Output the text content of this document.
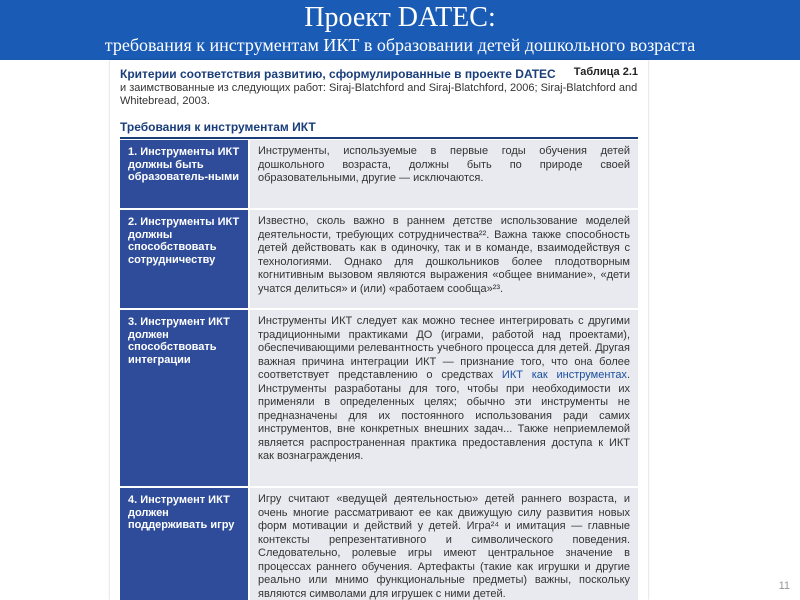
Проект DATEC:
требования к инструментам ИКТ в образовании детей дошкольного возраста
Таблица 2.1
Критерии соответствия развитию, сформулированные в проекте DATEC
и заимствованные из следующих работ: Siraj-Blatchford and Siraj-Blatchford, 2006; Siraj-Blatchford and Whitebread, 2003.
Требования к инструментам ИКТ
1. Инструменты ИКТ должны быть образователь-ными

Инструменты, используемые в первые годы обучения детей дошкольного возраста, должны быть по природе своей образовательными, другие — исключаются.

2. Инструменты ИКТ должны способствовать сотрудничеству

Известно, сколь важно в раннем детстве использование моделей деятельности, требующих сотрудничества²². Важна также способность детей действовать как в одиночку, так и в команде, взаимодействуя с технологиями. Однако для дошкольников более плодотворным когнитивным вызовом являются выражения «общее внимание», «дети учатся делиться» и (или) «работаем сообща»²³.

3. Инструмент ИКТ должен способствовать интеграции

Инструменты ИКТ следует как можно теснее интегрировать с другими традиционными практиками ДО (играми, работой над проектами), обеспечивающими релевантность учебного процесса для детей. Другая важная причина интеграции ИКТ — признание того, что она более соответствует представлению о средствах ИКТ как инструментах. Инструменты разработаны для того, чтобы при необходимости их применяли в определенных целях; обычно эти инструменты не предназначены для их постоянного использования ради самих инструментов, вне конкретных внешних задач... Также неприемлемой является распространенная практика предоставления доступа к ИКТ как вознаграждения.

4. Инструмент ИКТ должен поддерживать игру

Игру считают «ведущей деятельностью» детей раннего возраста, и очень многие рассматривают ее как движущую силу развития новых форм мотивации и действий у детей. Игра²⁴ и имитация — главные контексты репрезентативного и символического поведения. Следовательно, ролевые игры имеют центральное значение в процессах раннего обучения. Артефакты (такие как игрушки и другие реально или мнимо функциональные предметы) важны, поскольку являются символами для игрушек с ними детей.

11
